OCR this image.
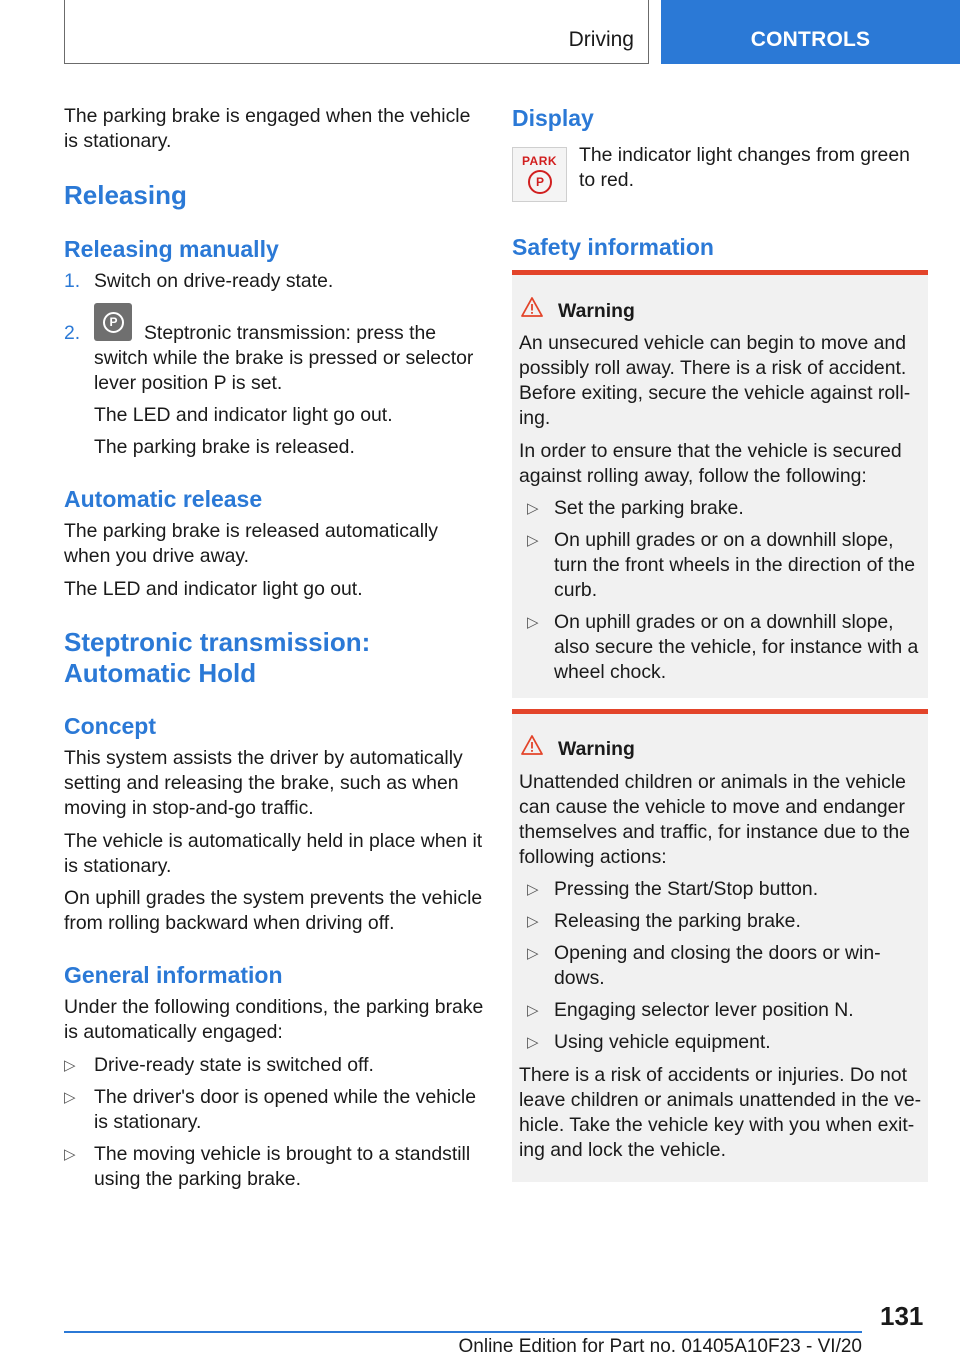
Driving	CONTROLS

The parking brake is engaged when the vehicle
is stationary.

Releasing
Releasing manually
1. Switch on drive-ready state.

2.	P	Steptronic transmission: press the

switch while the brake is pressed or selector
lever position P is set.

The LED and indicator light go out.

The parking brake is released.

Automatic release

The parking brake is released automatically
when you drive away.

The LED and indicator light go out.

Steptronic transmission:
Automatic Hold
Concept

This system assists the driver by automatically
setting and releasing the brake, such as when
moving in stop-and-go traffic.

The vehicle is automatically held in place when it
is stationary.

On uphill grades the system prevents the vehicle
from rolling backward when driving off.

General information

Under the following conditions, the parking brake
is automatically engaged:

▷ Drive-ready state is switched off.

▷ The driver's door is opened while the vehicle
is stationary.

▷ The moving vehicle is brought to a standstill
using the parking brake.

Display
PARK
P

The indicator light changes from green
to red.

Safety information
Warning

An unsecured vehicle can begin to move and
possibly roll away. There is a risk of accident.
Before exiting, secure the vehicle against roll-
ing.

In order to ensure that the vehicle is secured
against rolling away, follow the following:

▷ Set the parking brake.

▷ On uphill grades or on a downhill slope,
turn the front wheels in the direction of the
curb.

▷ On uphill grades or on a downhill slope,
also secure the vehicle, for instance with a
wheel chock.

Warning

Unattended children or animals in the vehicle
can cause the vehicle to move and endanger
themselves and traffic, for instance due to the
following actions:

▷ Pressing the Start/Stop button.

▷ Releasing the parking brake.

▷ Opening and closing the doors or win-
dows.

▷ Engaging selector lever position N.

▷ Using vehicle equipment.

There is a risk of accidents or injuries. Do not
leave children or animals unattended in the ve-
hicle. Take the vehicle key with you when exit-
ing and lock the vehicle.

131
Online Edition for Part no. 01405A10F23 - VI/20
